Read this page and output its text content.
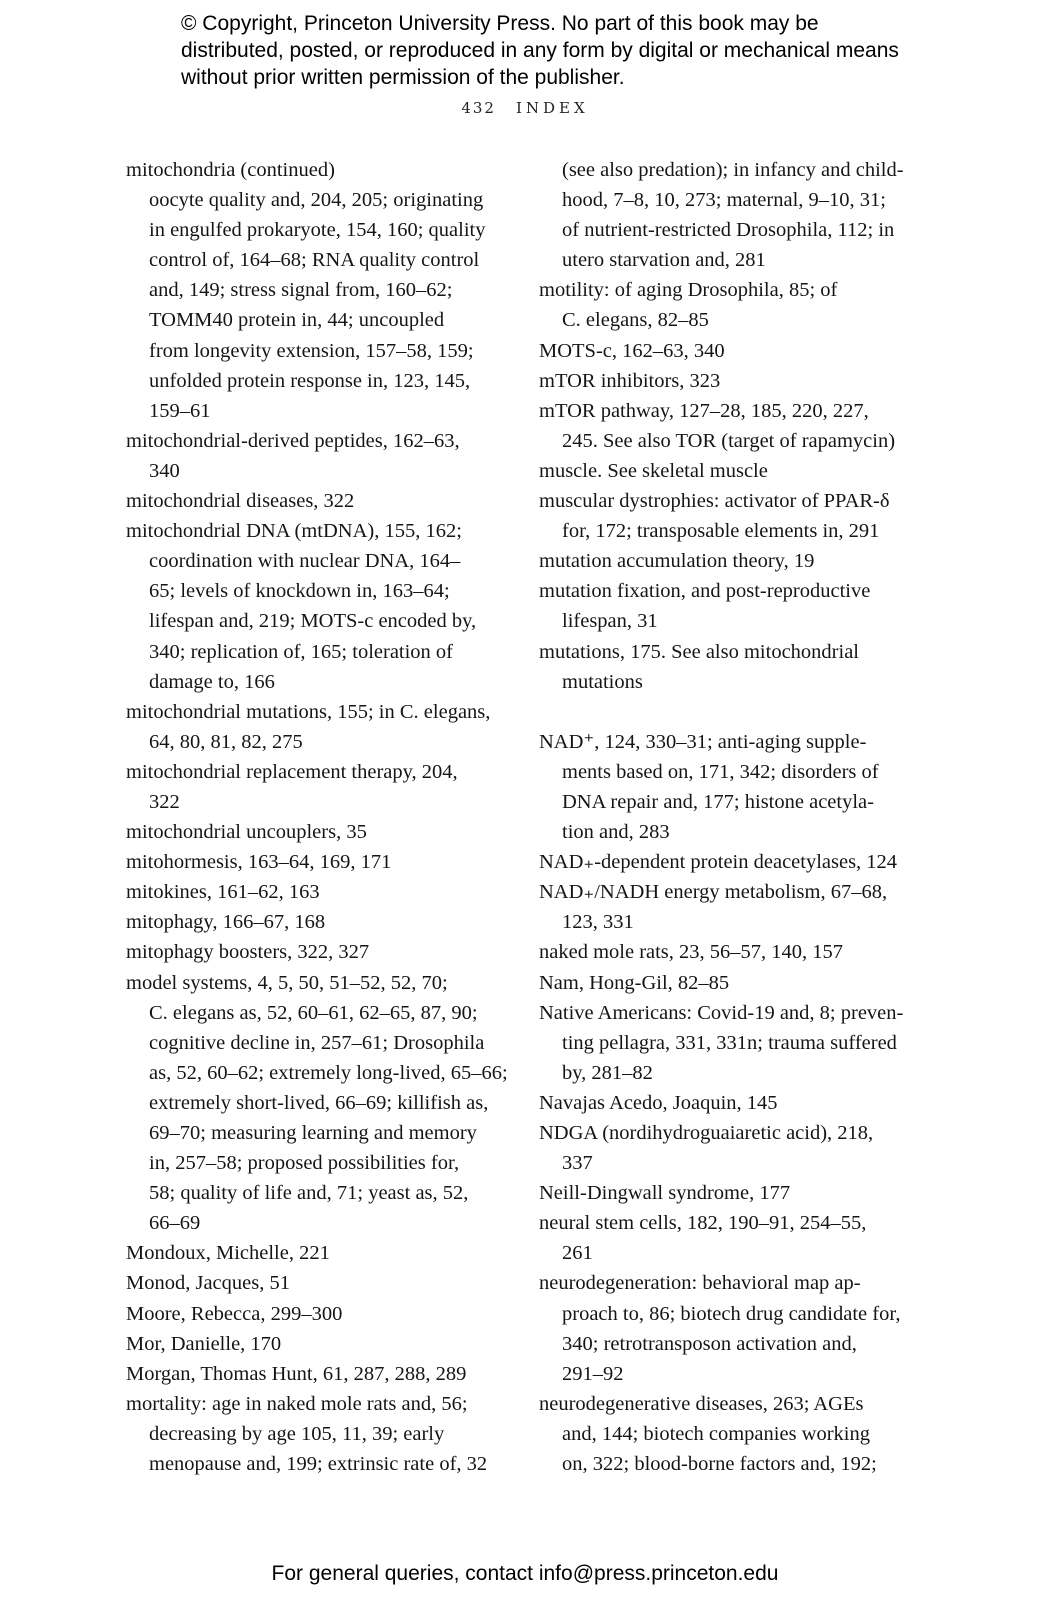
© Copyright, Princeton University Press. No part of this book may be distributed, posted, or reproduced in any form by digital or mechanical means without prior written permission of the publisher.
432 INDEX
mitochondria (continued)
oocyte quality and, 204, 205; originating
in engulfed prokaryote, 154, 160; quality
control of, 164–68; RNA quality control
and, 149; stress signal from, 160–62;
TOMM40 protein in, 44; uncoupled
from longevity extension, 157–58, 159;
unfolded protein response in, 123, 145,
159–61
mitochondrial-derived peptides, 162–63,
340
mitochondrial diseases, 322
mitochondrial DNA (mtDNA), 155, 162;
coordination with nuclear DNA, 164–
65; levels of knockdown in, 163–64;
lifespan and, 219; MOTS-c encoded by,
340; replication of, 165; toleration of
damage to, 166
mitochondrial mutations, 155; in C. elegans,
64, 80, 81, 82, 275
mitochondrial replacement therapy, 204,
322
mitochondrial uncouplers, 35
mitohormesis, 163–64, 169, 171
mitokines, 161–62, 163
mitophagy, 166–67, 168
mitophagy boosters, 322, 327
model systems, 4, 5, 50, 51–52, 52, 70;
C. elegans as, 52, 60–61, 62–65, 87, 90;
cognitive decline in, 257–61; Drosophila
as, 52, 60–62; extremely long-lived, 65–66;
extremely short-lived, 66–69; killifish as,
69–70; measuring learning and memory
in, 257–58; proposed possibilities for,
58; quality of life and, 71; yeast as, 52,
66–69
Mondoux, Michelle, 221
Monod, Jacques, 51
Moore, Rebecca, 299–300
Mor, Danielle, 170
Morgan, Thomas Hunt, 61, 287, 288, 289
mortality: age in naked mole rats and, 56;
decreasing by age 105, 11, 39; early
menopause and, 199; extrinsic rate of, 32
(see also predation); in infancy and child-
hood, 7–8, 10, 273; maternal, 9–10, 31;
of nutrient-restricted Drosophila, 112; in
utero starvation and, 281
motility: of aging Drosophila, 85; of
C. elegans, 82–85
MOTS-c, 162–63, 340
mTOR inhibitors, 323
mTOR pathway, 127–28, 185, 220, 227,
245. See also TOR (target of rapamycin)
muscle. See skeletal muscle
muscular dystrophies: activator of PPAR-δ
for, 172; transposable elements in, 291
mutation accumulation theory, 19
mutation fixation, and post-reproductive
lifespan, 31
mutations, 175. See also mitochondrial
mutations
NAD⁺, 124, 330–31; anti-aging supple-
ments based on, 171, 342; disorders of
DNA repair and, 177; histone acetyla-
tion and, 283
NAD₊-dependent protein deacetylases, 124
NAD₊/NADH energy metabolism, 67–68,
123, 331
naked mole rats, 23, 56–57, 140, 157
Nam, Hong-Gil, 82–85
Native Americans: Covid-19 and, 8; preven-
ting pellagra, 331, 331n; trauma suffered
by, 281–82
Navajas Acedo, Joaquin, 145
NDGA (nordihydroguaiaretic acid), 218,
337
Neill-Dingwall syndrome, 177
neural stem cells, 182, 190–91, 254–55,
261
neurodegeneration: behavioral map ap-
proach to, 86; biotech drug candidate for,
340; retrotransposon activation and,
291–92
neurodegenerative diseases, 263; AGEs
and, 144; biotech companies working
on, 322; blood-borne factors and, 192;
For general queries, contact info@press.princeton.edu
